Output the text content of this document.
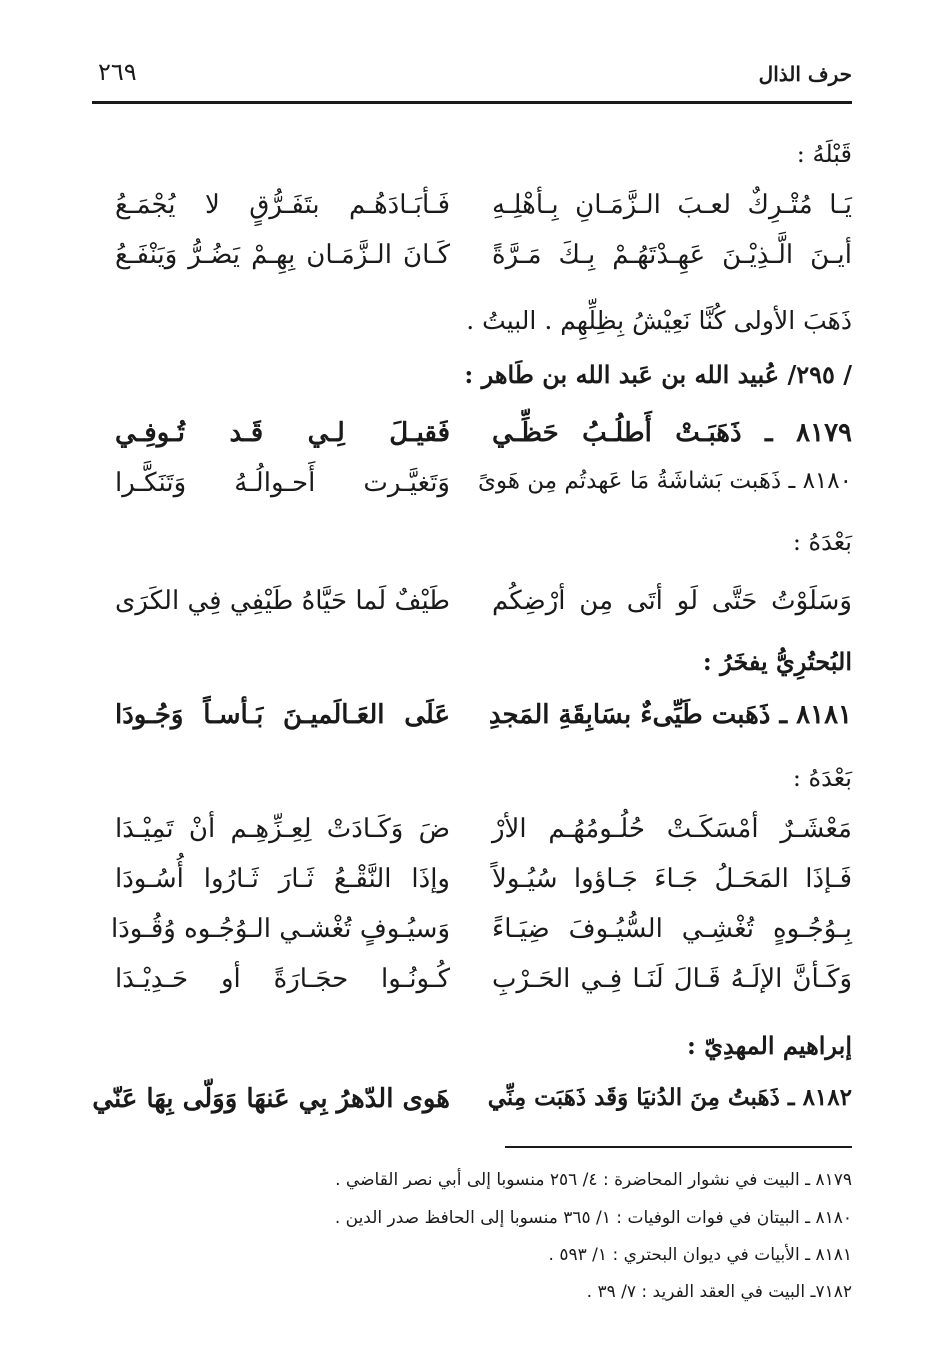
حرف الذال
٢٦٩
قَبْلَهُ :
يَـا مُتْـرِكٌ لعـبَ الـزَّمَـانِ بِـأهْلِـهِ
فَـأبَـادَهُـم بتَفَـرُّقٍ لا يُجْمَـعُ
أيـنَ الَّـذِيْـنَ عَهِـدْتَهُـمْ بِـكَ مَـرَّةً
كَـانَ الـزَّمَـان بِهِـمْ يَضُـرُّ وَيَنْفَـعُ
ذَهَبَ الأولى كُنَّا نَعِيْشُ بِظِلِّهِم . البيتُ .
/ ٢٩٥/ عُبيد الله بن عَبد الله بن طَاهر :
٨١٧٩ ـ ذَهَبَـتْ أَطلُـبُ حَظِّـي
فَقيـلَ لِـي قَـد تُـوفِـي
٨١٨٠ ـ ذَهَبت بَشاشَةُ مَا عَهدتُم مِن هَوىً
وَتَغيَّـرت أَحـوالُـهُ وَتَنَكَّـرا
بَعْدَهُ :
وَسَلَوْتُ حَتَّى لَو أتَى مِن أرْضِكُم
طَيْفٌ لَما حَيَّاهُ طَيْفِي فِي الكَرَى
البُحتُرِيُّ يفخَرُ :
٨١٨١ ـ ذَهَبت طَيِّىءٌ بسَابِقَةِ المَجدِ
عَلَى العَـالَميـنَ بَـأسـاً وَجُـودَا
بَعْدَهُ :
مَعْشَـرٌ أمْسَكَـتْ حُلُـومُهُـم الأرْ
ضَ وَكَـادَتْ لِعِـزِّهِـم أنْ تَمِيْـدَا
فَـإذَا المَحَـلُ جَـاءَ جَـاؤوا سُيُـولاً
وإذَا النَّقْـعُ ثَـارَ ثَـارُوا أُسُـودَا
بِـوُجُـوهٍ تُغْشِـي السُّيُـوفَ ضِيَـاءً
وَسيُـوفٍ تُغْشـي الـوُجُـوه وُقُـودَا
وَكَـأنَّ الإلَـهُ قَـالَ لَنَـا فِـي الحَـرْبِ
كُـونُـوا حجَـارَةً أو حَـدِيْـدَا
إبراهيم المهدِيّ :
٨١٨٢ ـ ذَهَبتُ مِنَ الدُنيَا وَقَد ذَهَبَت مِنِّي
هَوى الدّهرُ بِي عَنهَا وَوَلّى بِهَا عَنّي
٨١٧٩ ـ البيت في نشوار المحاضرة : ٤/ ٢٥٦ منسوبا إلى أبي نصر القاضي .
٨١٨٠ ـ البيتان في فوات الوفيات : ١/ ٣٦٥ منسوبا إلى الحافظ صدر الدين .
٨١٨١ ـ الأبيات في ديوان البحتري : ١/ ٥٩٣ .
٧١٨٢ـ البيت في العقد الفريد : ٧/ ٣٩ .
